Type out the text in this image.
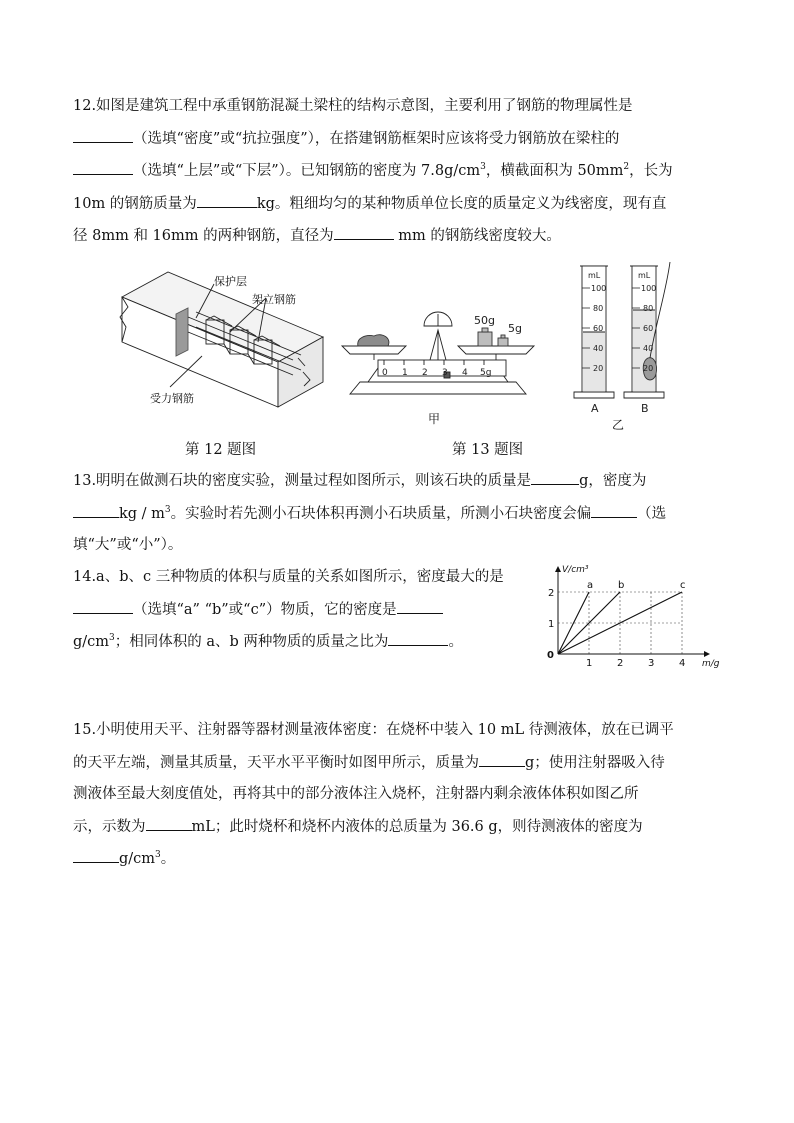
12.如图是建筑工程中承重钢筋混凝土梁柱的结构示意图，主要利用了钢筋的物理属性是
（选填“密度”或“抗拉强度”），在搭建钢筋框架时应该将受力钢筋放在梁柱的
（选填“上层”或“下层”）。已知钢筋的密度为 $7.8g/cm^3$，横截面积为 $50mm^2$，长为
10m 的钢筋质量为	kg。粗细均匀的某种物质单位长度的质量定义为线密度，现有直
径 8mm 和 16mm 的两种钢筋，直径为	mm 的钢筋线密度较大。
保护层
架立钢筋
受力钢筋
0 1 2 3 4 5g
50g
5g
甲
mL	mL
100
80
60
40
20
100
80
60
40
20
A	B
乙
第 12 题图	第 13 题图
13.明明在做测石块的密度实验，测量过程如图所示，则该石块的质量是	g，密度为
kg / $m^3$。实验时若先测小石块体积再测小石块质量，所测小石块密度会偏	（选
填“大”或“小”）。
14.a、b、c 三种物质的体积与质量的关系如图所示，密度最大的是
（选填“a” “b”或“c”）物质，它的密度是
$g/cm^3$；相同体积的 a、b 两种物质的质量之比为	。
0
1 2 3 4
1
2
m/g
V/cm³
a b	c
15.小明使用天平、注射器等器材测量液体密度：在烧杯中装入 10 mL 待测液体，放在已调平
的天平左端，测量其质量，天平水平平衡时如图甲所示，质量为	g；使用注射器吸入待
测液体至最大刻度值处，再将其中的部分液体注入烧杯，注射器内剩余液体体积如图乙所
示，示数为	mL；此时烧杯和烧杯内液体的总质量为 36.6 g，则待测液体的密度为
$g/cm^3$。
